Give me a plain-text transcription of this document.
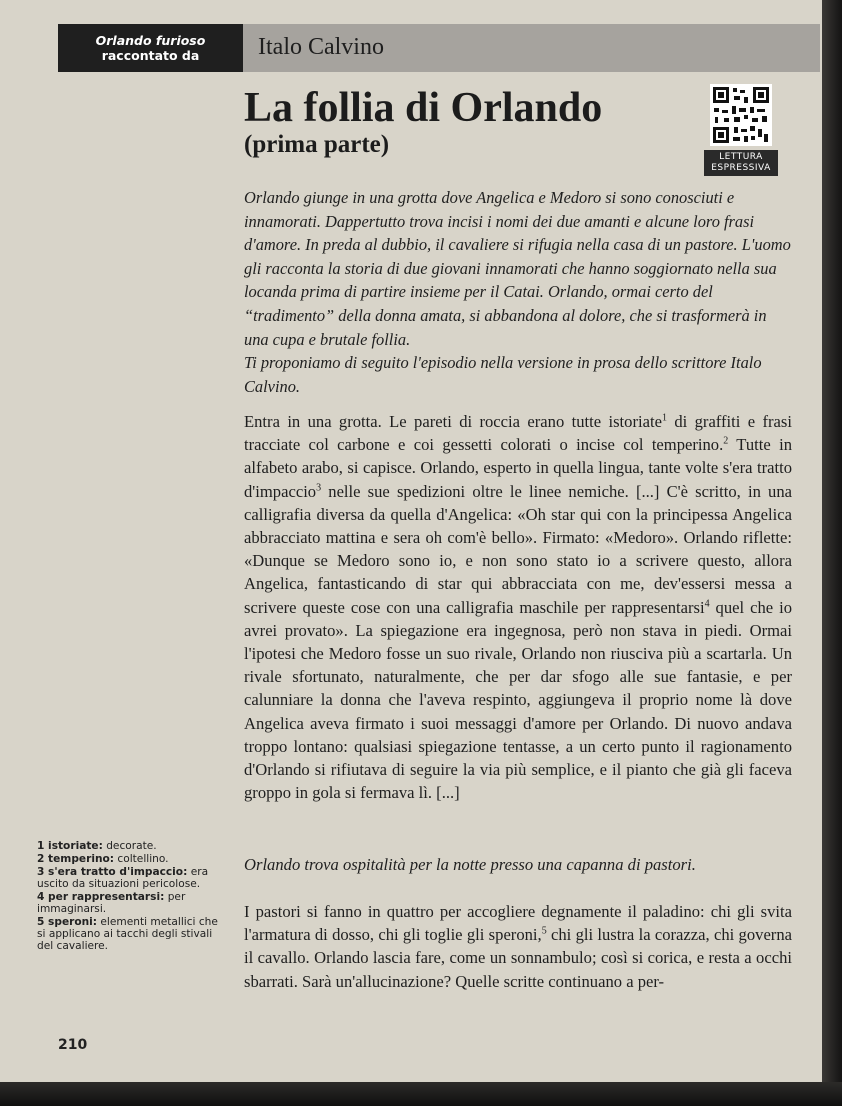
Orlando furioso
raccontato da	Italo Calvino
La follia di Orlando
(prima parte)	LETTURA
ESPRESSIVA

Orlando giunge in una grotta dove Angelica e Medoro si sono conosciuti e innamorati. Dappertutto trova incisi i nomi dei due amanti e alcune loro frasi d'amore. In preda al dubbio, il cavaliere si rifugia nella casa di un pastore. L'uomo gli racconta la storia di due giovani innamorati che hanno soggiornato nella sua locanda prima di partire insieme per il Catai. Orlando, ormai certo del “tradimento” della donna amata, si abbandona al dolore, che si trasformerà in una cupa e brutale follia.

Ti proponiamo di seguito l'episodio nella versione in prosa dello scrittore Italo Calvino.

Entra in una grotta. Le pareti di roccia erano tutte istoriate$^1$ di graffiti e frasi tracciate col carbone e coi gessetti colorati o incise col temperino.$^2$ Tutte in alfabeto arabo, si capisce. Orlando, esperto in quella lingua, tante volte s'era tratto d'impaccio$^3$ nelle sue spedizioni oltre le linee nemiche. [...] C'è scritto, in una calligrafia diversa da quella d'Angelica: «Oh star qui con la principessa Angelica abbracciato mattina e sera oh com'è bello». Firmato: «Medoro». Orlando riflette: «Dunque se Medoro sono io, e non sono stato io a scrivere questo, allora Angelica, fantasticando di star qui abbracciata con me, dev'essersi messa a scrivere queste cose con una calligrafia maschile per rappresentarsi$^4$ quel che io avrei provato». La spiegazione era ingegnosa, però non stava in piedi. Ormai l'ipotesi che Medoro fosse un suo rivale, Orlando non riusciva più a scartarla. Un rivale sfortunato, naturalmente, che per dar sfogo alle sue fantasie, e per calunniare la donna che l'aveva respinto, aggiungeva il proprio nome là dove Angelica aveva firmato i suoi messaggi d'amore per Orlando. Di nuovo andava troppo lontano: qualsiasi spiegazione tentasse, a un certo punto il ragionamento d'Orlando si rifiutava di seguire la via più semplice, e il pianto che già gli faceva groppo in gola si fermava lì. [...]

Orlando trova ospitalità per la notte presso una capanna di pastori.

I pastori si fanno in quattro per accogliere degnamente il paladino: chi gli svita l'armatura di dosso, chi gli toglie gli speroni,$^5$ chi gli lustra la corazza, chi governa il cavallo. Orlando lascia fare, come un sonnambulo; così si corica, e resta a occhi sbarrati. Sarà un'allucinazione? Quelle scritte continuano a per-

1 istoriate: decorate.

2 temperino: coltellino.

3 s'era tratto d'impaccio: era uscito da situazioni pericolose.

4 per rappresentarsi: per immaginarsi.

5 speroni: elementi metallici che si applicano ai tacchi degli stivali del cavaliere.

210
